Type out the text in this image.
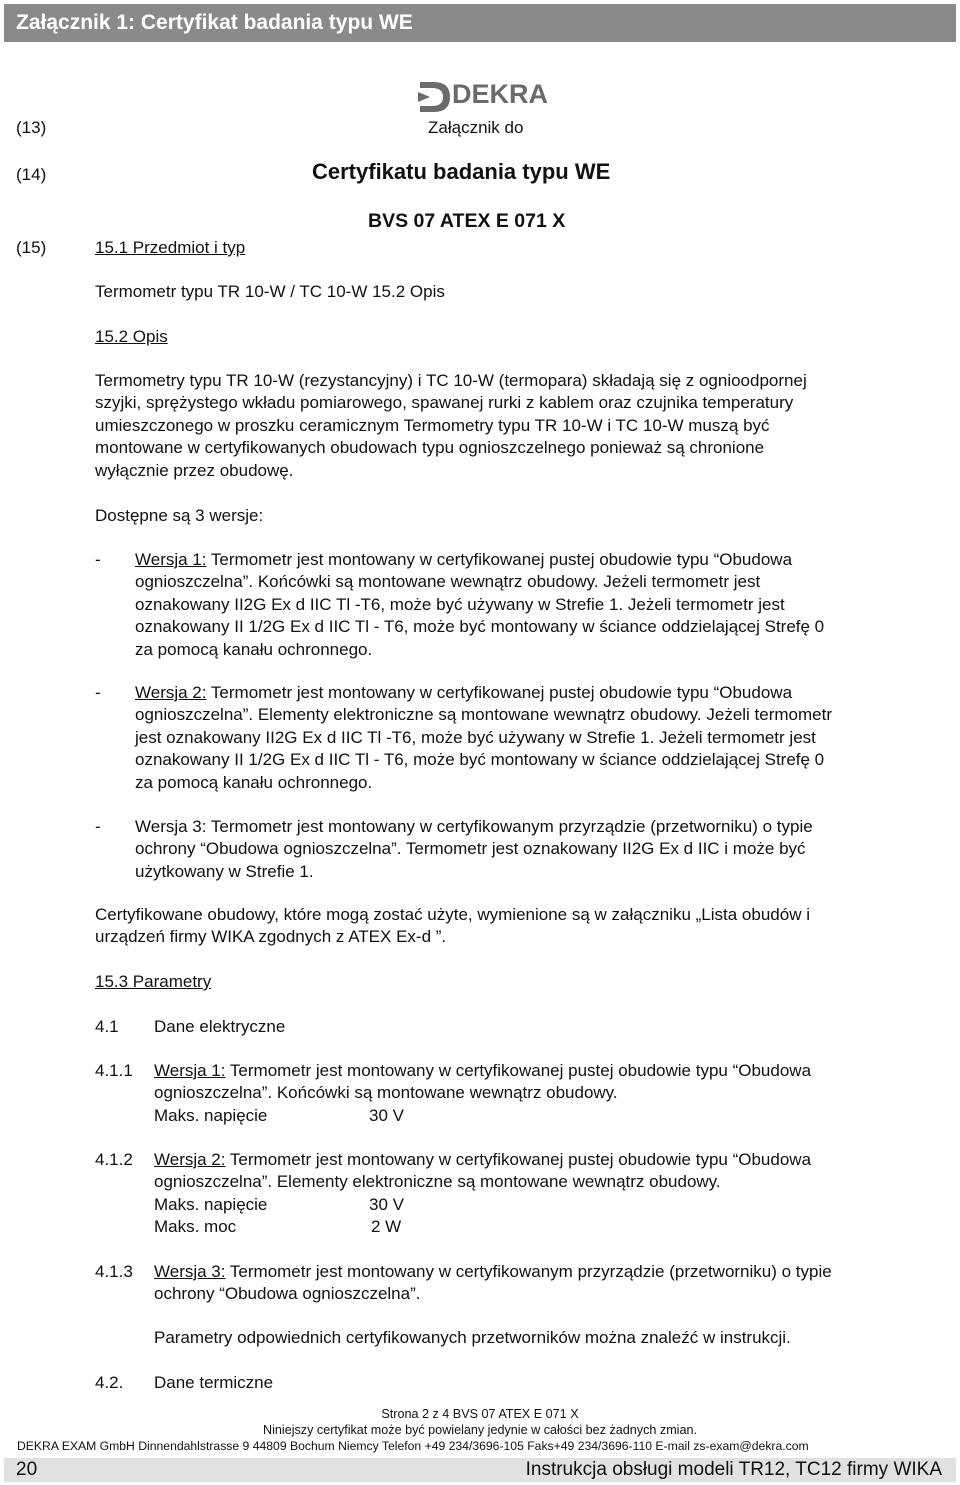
Załącznik 1: Certyfikat badania typu WE
DEKRA
(13)	Załącznik do
(14)	Certyfikatu badania typu WE
BVS 07 ATEX E 071 X
(15)	15.1 Przedmiot i typ
Termometr typu TR 10-W / TC 10-W 15.2 Opis
15.2 Opis
Termometry typu TR 10-W (rezystancyjny) i TC 10-W (termopara) składają się z ognioodpornej
szyjki, sprężystego wkładu pomiarowego, spawanej rurki z kablem oraz czujnika temperatury
umieszczonego w proszku ceramicznym Termometry typu TR 10-W i TC 10-W muszą być
montowane w certyfikowanych obudowach typu ognioszczelnego ponieważ są chronione
wyłącznie przez obudowę.
Dostępne są 3 wersje:
- Wersja 1: Termometr jest montowany w certyfikowanej pustej obudowie typu “Obudowa
ognioszczelna”. Końcówki są montowane wewnątrz obudowy. Jeżeli termometr jest
oznakowany II2G Ex d IIC Tl -T6, może być używany w Strefie 1. Jeżeli termometr jest
oznakowany II 1/2G Ex d IIC Tl - T6, może być montowany w ściance oddzielającej Strefę 0
za pomocą kanału ochronnego.
- Wersja 2: Termometr jest montowany w certyfikowanej pustej obudowie typu “Obudowa
ognioszczelna”. Elementy elektroniczne są montowane wewnątrz obudowy. Jeżeli termometr
jest oznakowany II2G Ex d IIC Tl -T6, może być używany w Strefie 1. Jeżeli termometr jest
oznakowany II 1/2G Ex d IIC Tl - T6, może być montowany w ściance oddzielającej Strefę 0
za pomocą kanału ochronnego.
- Wersja 3: Termometr jest montowany w certyfikowanym przyrządzie (przetworniku) o typie
ochrony “Obudowa ognioszczelna”. Termometr jest oznakowany II2G Ex d IIC i może być
użytkowany w Strefie 1.
Certyfikowane obudowy, które mogą zostać użyte, wymienione są w załączniku „Lista obudów i
urządzeń firmy WIKA zgodnych z ATEX Ex-d ”.
15.3 Parametry
4.1 Dane elektryczne
4.1.1 Wersja 1: Termometr jest montowany w certyfikowanej pustej obudowie typu “Obudowa
ognioszczelna”. Końcówki są montowane wewnątrz obudowy.
Maks. napięcie	30 V
4.1.2 Wersja 2: Termometr jest montowany w certyfikowanej pustej obudowie typu “Obudowa
ognioszczelna”. Elementy elektroniczne są montowane wewnątrz obudowy.
Maks. napięcie	30 V
Maks. moc	2 W
4.1.3 Wersja 3: Termometr jest montowany w certyfikowanym przyrządzie (przetworniku) o typie
ochrony “Obudowa ognioszczelna”.
Parametry odpowiednich certyfikowanych przetworników można znaleźć w instrukcji.
4.2. Dane termiczne
Strona 2 z 4 BVS 07 ATEX E 071 X
Niniejszy certyfikat może być powielany jedynie w całości bez żadnych zmian.
DEKRA EXAM GmbH Dinnendahlstrasse 9 44809 Bochum Niemcy Telefon +49 234/3696-105 Faks+49 234/3696-110 E-mail zs-exam@dekra.com
20	Instrukcja obsługi modeli TR12, TC12 firmy WIKA
